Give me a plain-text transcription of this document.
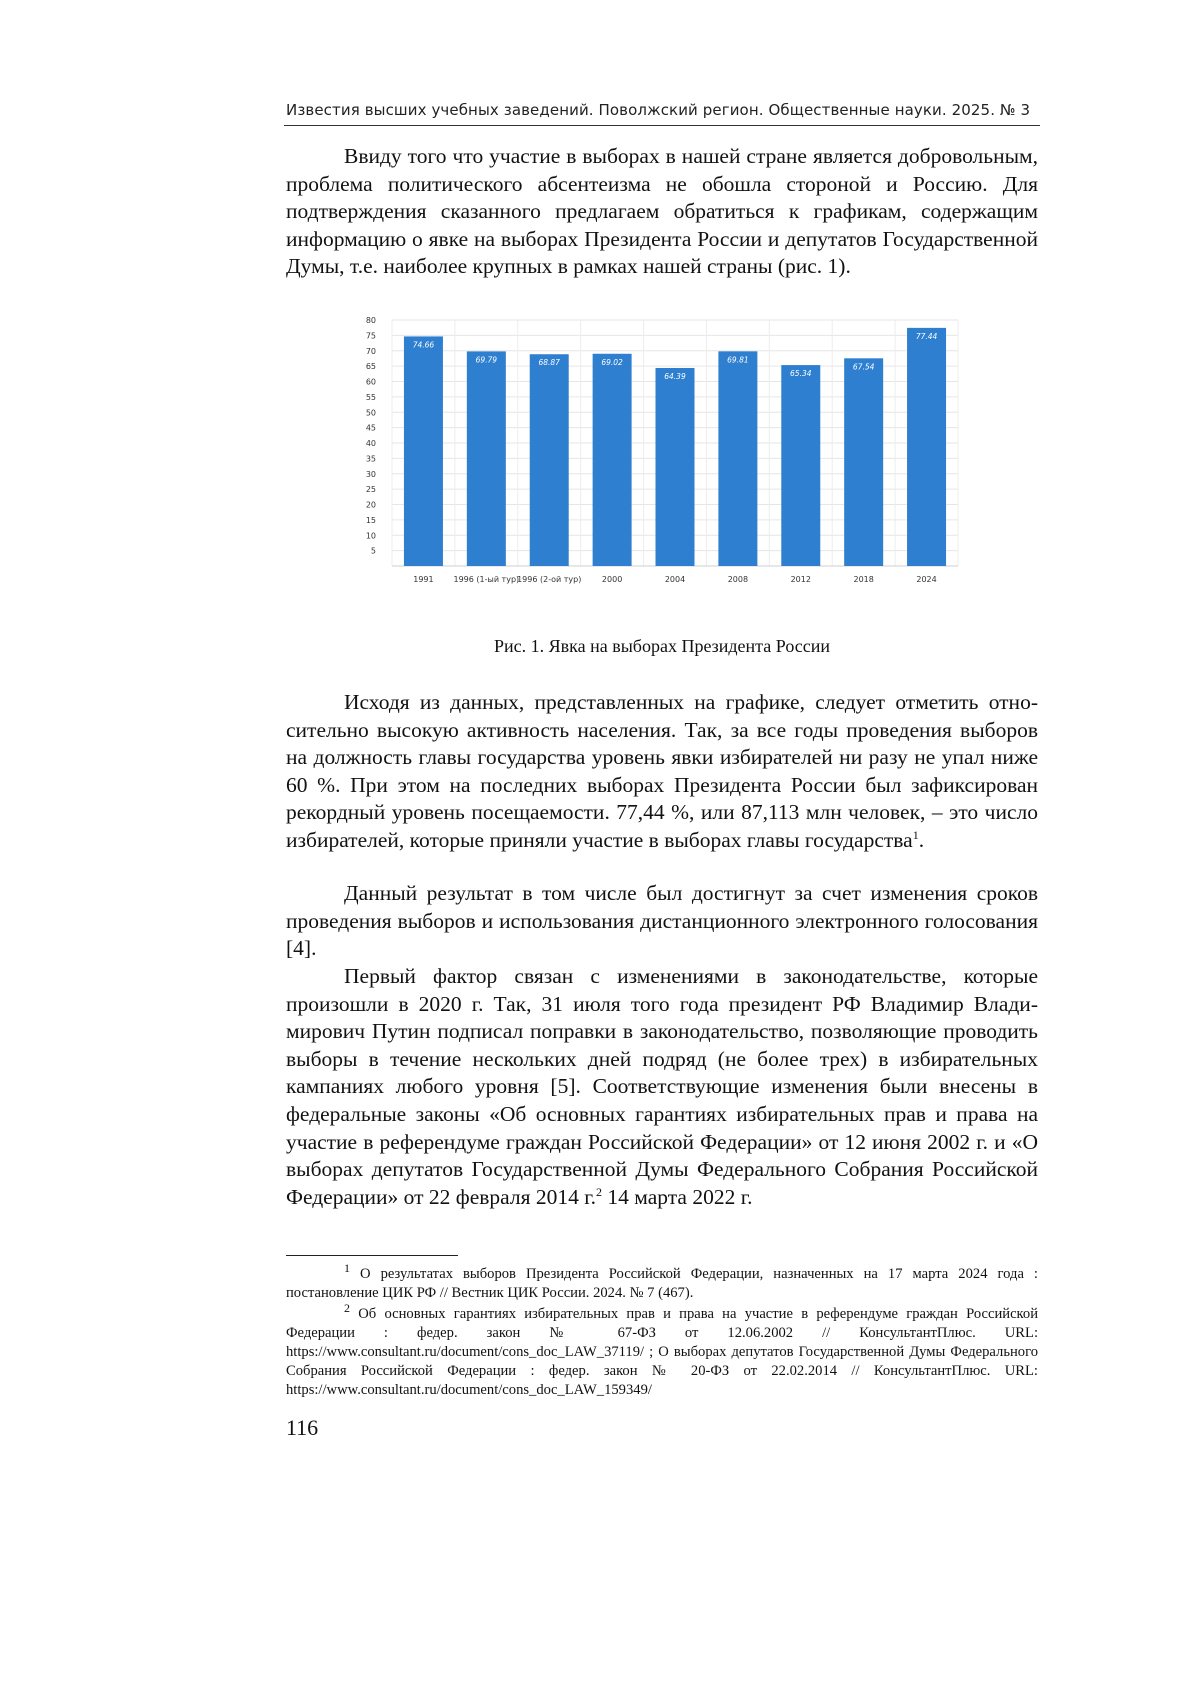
Известия высших учебных заведений. Поволжский регион. Общественные науки. 2025. № 3

Ввиду того что участие в выборах в нашей стране является добровольным, проблема политического абсентеизма не обошла стороной и Россию. Для подтверждения сказанного предлагаем обратиться к графикам, содержащим информацию о явке на выборах Президента России и депутатов Государственной Думы, т.е. наиболее крупных в рамках нашей страны (рис. 1).

5
10
15
20
25
30
35
40
45
50
55
60
65
70
75
80
74.66
1991
69.79
1996 (1-ый тур)
68.87
1996 (2-ой тур)
69.02
2000
64.39
2004
69.81
2008
65.34
2012
67.54
2018
77.44
2024
Рис. 1. Явка на выборах Президента России

Исходя из данных, представленных на графике, следует отметить относительно высокую активность населения. Так, за все годы проведения выборов на должность главы государства уровень явки избирателей ни разу не упал ниже 60 %. При этом на последних выборах Президента России был зафиксирован рекордный уровень посещаемости. 77,44 %, или 87,113 млн человек, – это число избирателей, которые приняли участие в выборах главы государства$^1$.

Данный результат в том числе был достигнут за счет изменения сроков проведения выборов и использования дистанционного электронного голосования [4].

Первый фактор связан с изменениями в законодательстве, которые произошли в 2020 г. Так, 31 июля того года президент РФ Владимир Владимирович Путин подписал поправки в законодательство, позволяющие проводить выборы в течение нескольких дней подряд (не более трех) в избирательных кампаниях любого уровня [5]. Соответствующие изменения были внесены в федеральные законы «Об основных гарантиях избирательных прав и права на участие в референдуме граждан Российской Федерации» от 12 июня 2002 г. и «О выборах депутатов Государственной Думы Федерального Собрания Российской Федерации» от 22 февраля 2014 г.$^2$ 14 марта 2022 г.

$^1$ О результатах выборов Президента Российской Федерации, назначенных на 17 марта 2024 года : постановление ЦИК РФ // Вестник ЦИК России. 2024. № 7 (467).

$^2$ Об основных гарантиях избирательных прав и права на участие в референдуме граждан Российской Федерации : федер. закон № 67-ФЗ от 12.06.2002 // КонсультантПлюс. URL: https://www.consultant.ru/document/cons_doc_LAW_37119/ ; О выборах депутатов Государственной Думы Федерального Собрания Российской Федерации : федер. закон № 20-ФЗ от 22.02.2014 // КонсультантПлюс. URL: https://www.consultant.ru/document/cons_doc_LAW_159349/

116
